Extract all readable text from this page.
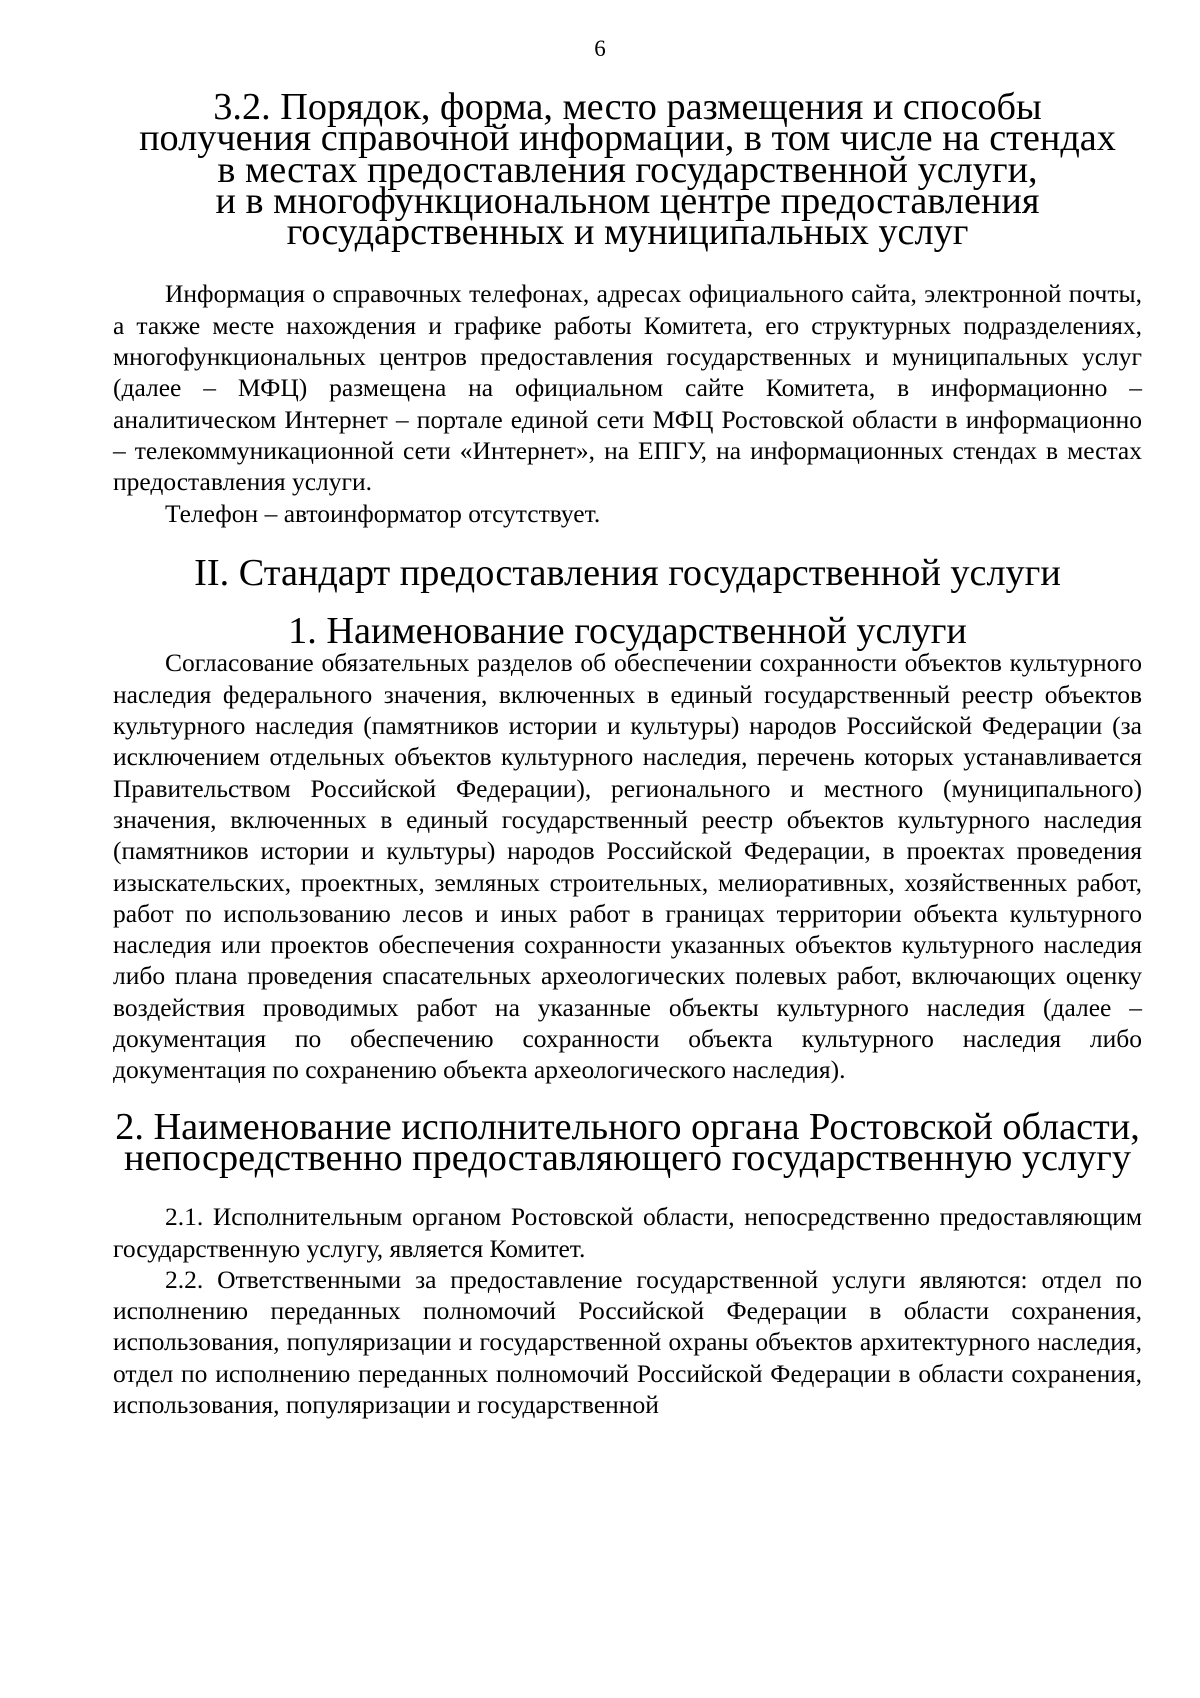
6
3.2. Порядок, форма, место размещения и способы
получения справочной информации, в том числе на стендах
в местах предоставления государственной услуги,
и в многофункциональном центре предоставления
государственных и муниципальных услуг

Информация о справочных телефонах, адресах официального сайта, электронной почты, а также месте нахождения и графике работы Комитета, его структурных подразделениях, многофункциональных центров предоставления государственных и муниципальных услуг (далее – МФЦ) размещена на официальном сайте Комитета, в информационно – аналитическом Интернет – портале единой сети МФЦ Ростовской области в информационно – телекоммуникационной сети «Интернет», на ЕПГУ, на информационных стендах в местах предоставления услуги.

Телефон – автоинформатор отсутствует.

II. Стандарт предоставления государственной услуги
1. Наименование государственной услуги

Согласование обязательных разделов об обеспечении сохранности объектов культурного наследия федерального значения, включенных в единый государственный реестр объектов культурного наследия (памятников истории и культуры) народов Российской Федерации (за исключением отдельных объектов культурного наследия, перечень которых устанавливается Правительством Российской Федерации), регионального и местного (муниципального) значения, включенных в единый государственный реестр объектов культурного наследия (памятников истории и культуры) народов Российской Федерации, в проектах проведения изыскательских, проектных, земляных строительных, мелиоративных, хозяйственных работ, работ по использованию лесов и иных работ в границах территории объекта культурного наследия или проектов обеспечения сохранности указанных объектов культурного наследия либо плана проведения спасательных археологических полевых работ, включающих оценку воздействия проводимых работ на указанные объекты культурного наследия (далее – документация по обеспечению сохранности объекта культурного наследия либо документация по сохранению объекта археологического наследия).

2. Наименование исполнительного органа Ростовской области,
непосредственно предоставляющего государственную услугу

2.1. Исполнительным органом Ростовской области, непосредственно предоставляющим государственную услугу, является Комитет.

2.2. Ответственными за предоставление государственной услуги являются: отдел по исполнению переданных полномочий Российской Федерации в области сохранения, использования, популяризации и государственной охраны объектов архитектурного наследия, отдел по исполнению переданных полномочий Российской Федерации в области сохранения, использования, популяризации и государственной
